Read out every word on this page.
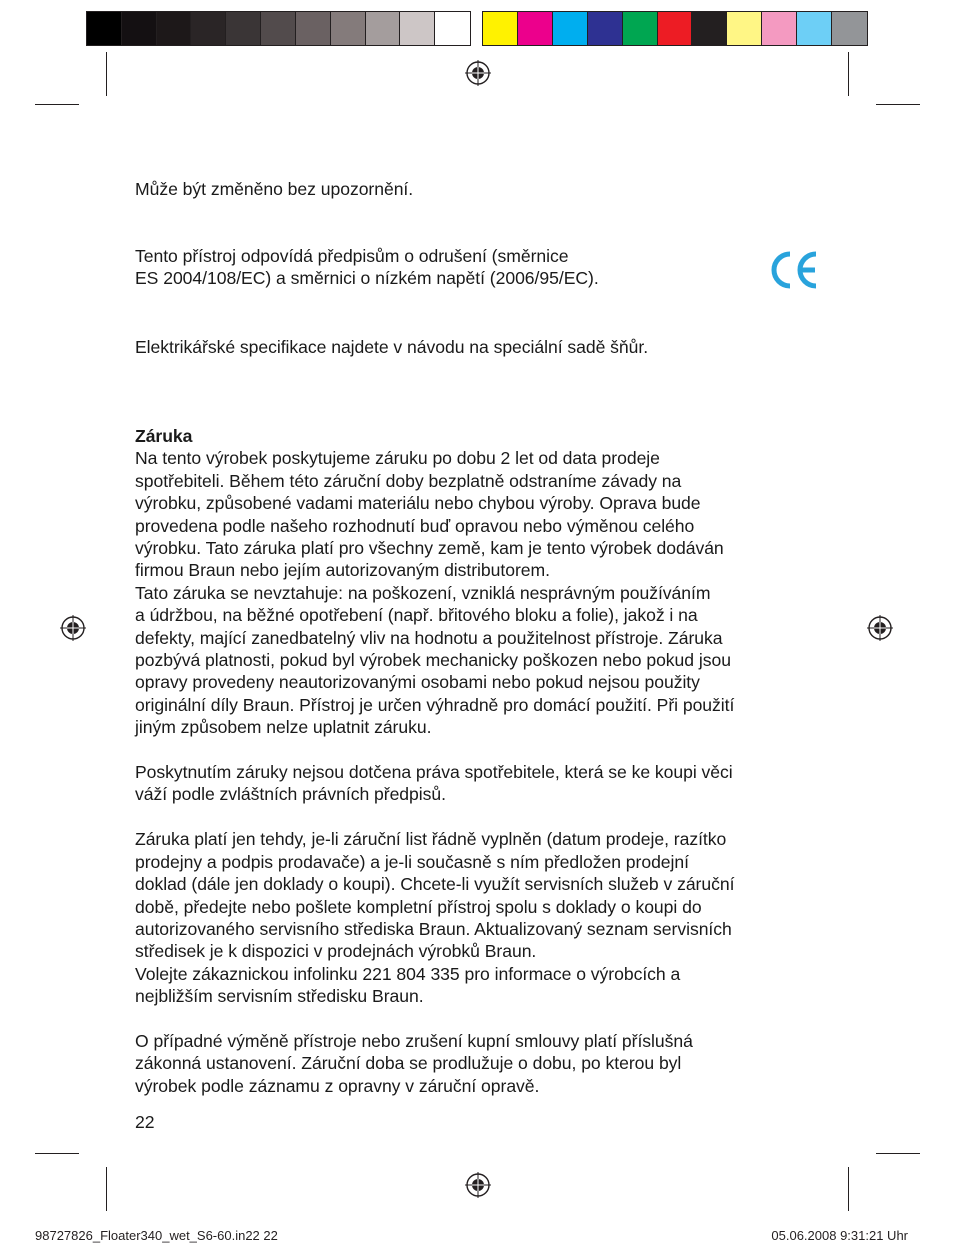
Může být změněno bez upozornění.

Tento přístroj odpovídá předpisům o odrušení (směrnice

ES 2004/108/EC) a směrnici o nízkém napětí (2006/95/EC).

Elektrikářské specifikace najdete v návodu na speciální sadě šňůr.

Záruka

Na tento výrobek poskytujeme záruku po dobu 2 let od data prodeje

spotřebiteli. Během této záruční doby bezplatně odstraníme závady na

výrobku, způsobené vadami materiálu nebo chybou výroby. Oprava bude

provedena podle našeho rozhodnutí buď opravou nebo výměnou celého

výrobku. Tato záruka platí pro všechny země, kam je tento výrobek dodáván

firmou Braun nebo jejím autorizovaným distributorem.

Tato záruka se nevztahuje: na poškození, vzniklá nesprávným používáním

a údržbou, na běžné opotřebení (např. břitového bloku a folie), jakož i na

defekty, mající zanedbatelný vliv na hodnotu a použitelnost přístroje. Záruka

pozbývá platnosti, pokud byl výrobek mechanicky poškozen nebo pokud jsou

opravy provedeny neautorizovanými osobami nebo pokud nejsou použity

originální díly Braun. Přístroj je určen výhradně pro domácí použití. Při použití

jiným způsobem nelze uplatnit záruku.

Poskytnutím záruky nejsou dotčena práva spotřebitele, která se ke koupi věci

váží podle zvláštních právních předpisů.

Záruka platí jen tehdy, je-li záruční list řádně vyplněn (datum prodeje, razítko

prodejny a podpis prodavače) a je-li současně s ním předložen prodejní

doklad (dále jen doklady o koupi). Chcete-li využít servisních služeb v záruční

době, předejte nebo pošlete kompletní přístroj spolu s doklady o koupi do

autorizovaného servisního střediska Braun. Aktualizovaný seznam servisních

středisek je k dispozici v prodejnách výrobků Braun.

Volejte zákaznickou infolinku 221 804 335 pro informace o výrobcích a

nejbližším servisním středisku Braun.

O případné výměně přístroje nebo zrušení kupní smlouvy platí příslušná

zákonná ustanovení. Záruční doba se prodlužuje o dobu, po kterou byl

výrobek podle záznamu z opravny v záruční opravě.

22

98727826_Floater340_wet_S6-60.in22 22	05.06.2008 9:31:21 Uhr
